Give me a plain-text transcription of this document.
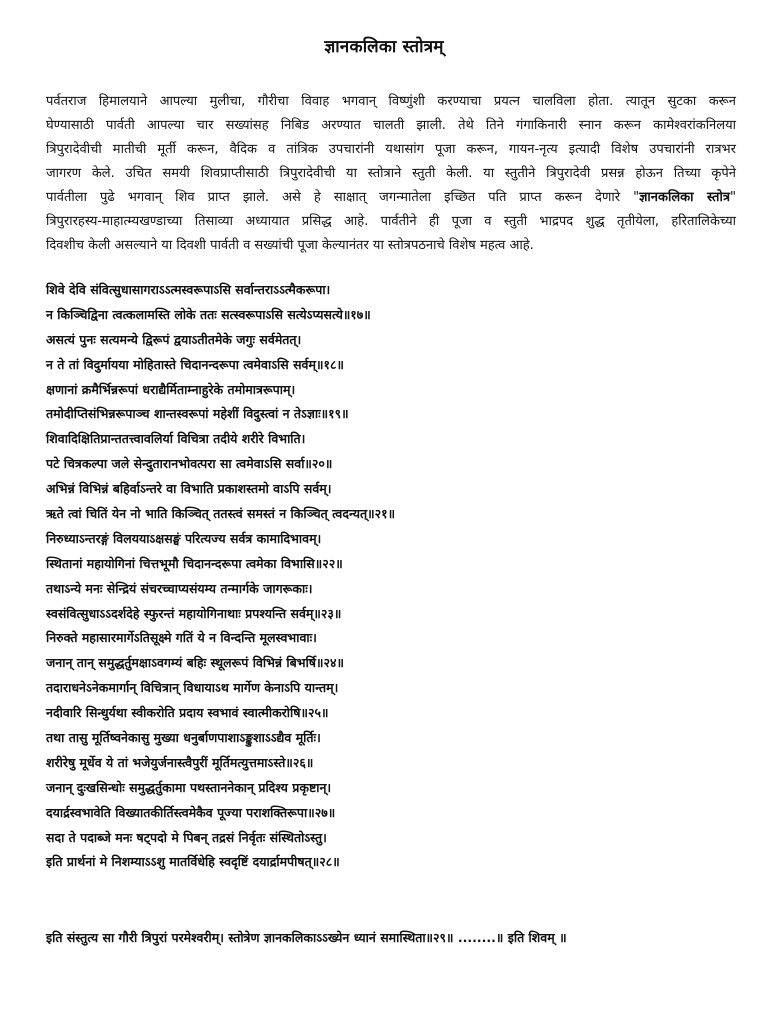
ज्ञानकलिका स्तोत्रम्
पर्वतराज हिमालयाने आपल्या मुलीचा, गौरीचा विवाह भगवान् विष्णुंशी करण्याचा प्रयत्न चालविला होता. त्यातून सुटका करून
घेण्यासाठी पार्वती आपल्या चार सख्यांसह निबिड अरण्यात चालती झाली. तेथे तिने गंगाकिनारी स्नान करून कामेश्वरांकनिलया
त्रिपुरादेवीची मातीची मूर्ती करून, वैदिक व तांत्रिक उपचारांनी यथासांग पूजा करून, गायन-नृत्य इत्यादी विशेष उपचारांनी रात्रभर
जागरण केले. उचित समयी शिवप्राप्तीसाठी त्रिपुरादेवीची या स्तोत्राने स्तुती केली. या स्तुतीने त्रिपुरादेवी प्रसन्न होऊन तिच्या कृपेने
पार्वतीला पुढे भगवान् शिव प्राप्त झाले. असे हे साक्षात् जगन्मातेला इच्छित पति प्राप्त करून देणारे "ज्ञानकलिका स्तोत्र"
त्रिपुरारहस्य-माहात्म्यखण्डाच्या तिसाव्या अध्यायात प्रसिद्ध आहे. पार्वतीने ही पूजा व स्तुती भाद्रपद शुद्ध तृतीयेला, हरितालिकेच्या
दिवशीच केली असल्याने या दिवशी पार्वती व सख्यांची पूजा केल्यानंतर या स्तोत्रपठनाचे विशेष महत्व आहे.
शिवे देवि संवित्सुधासागराऽऽत्मस्वरूपाऽसि सर्वान्तराऽऽत्मैकरूपा।
न किञ्चिद्विना त्वत्कलामस्ति लोके ततः सत्स्वरूपाऽसि सत्येऽप्यसत्ये॥१७॥
असत्यं पुनः सत्यमन्ये द्विरूपं द्वयाऽतीतमेके जगुः सर्वमेतत्।
न ते तां विदुर्मायया मोहितास्ते चिदानन्दरूपा त्वमेवाऽसि सर्वम्॥१८॥
क्षणानां क्रमैर्भिन्नरूपां धराद्यैर्मिताम्नाहुरेके तमोमात्ररूपाम्।
तमोदीप्तिसंभिन्नरूपाञ्च शान्तस्वरूपां महेशीं विदुस्त्वां न तेऽज्ञाः॥१९॥
शिवादिक्षितिप्रान्ततत्त्वावलिर्या विचित्रा तदीये शरीरे विभाति।
पटे चित्रकल्पा जले सेन्दुतारानभोवत्परा सा त्वमेवाऽसि सर्वा॥२०॥
अभिन्नं विभिन्नं बहिर्वाऽन्तरे वा विभाति प्रकाशस्तमो वाऽपि सर्वम्।
ऋते त्वां चितिं येन नो भाति किञ्चित् ततस्त्वं समस्तं न किञ्चित् त्वदन्यत्॥२१॥
निरुध्याऽन्तरङ्गं विलययाऽक्षसङ्घं परित्यज्य सर्वत्र कामादिभावम्।
स्थितानां महायोगिनां चित्तभूमौ चिदानन्दरूपा त्वमेका विभासि॥२२॥
तथाऽन्ये मनः सेन्द्रियं संचरच्चाप्यसंयम्य तन्मार्गके जागरूकाः।
स्वसंवित्सुधाऽऽदर्शदेहे स्फुरन्तं महायोगिनाथाः प्रपश्यन्ति सर्वम्॥२३॥
निरुक्ते महासारमार्गेऽतिसूक्ष्मे गतिं ये न विन्दन्ति मूलस्वभावाः।
जनान् तान् समुद्धर्तुमक्षाऽवगम्यं बहिः स्थूलरूपं विभिन्नं बिभर्षि॥२४॥
तदाराधनेऽनेकमार्गान् विचित्रान् विधायाऽथ मार्गेण केनाऽपि यान्तम्।
नदीवारि सिन्धुर्यथा स्वीकरोति प्रदाय स्वभावं स्वात्मीकरोषि॥२५॥
तथा तासु मूर्तिष्वनेकासु मुख्या धनुर्बाणपाशाऽङ्कुशाऽऽद्यैव मूर्तिः।
शरीरेषु मूर्धेव ये तां भजेयुर्जनास्त्वैपुरीं मूर्तिमत्युत्तमाऽस्ते॥२६॥
जनान् दुःखसिन्धोः समुद्धर्तुकामा पथस्ताननेकान् प्रदिश्य प्रकृष्टान्।
दयार्द्रस्वभावेति विख्यातकीर्तिस्त्वमेकैव पूज्या पराशक्तिरूपा॥२७॥
सदा ते पदाब्जे मनः षट्पदो मे पिबन् तद्रसं निर्वृतः संस्थितोऽस्तु।
इति प्रार्थनां मे निशम्याऽऽशु मातर्विधेहि स्वदृष्टिं दयार्द्रामपीषत्॥२८॥
इति संस्तुत्य सा गौरी त्रिपुरां परमेश्वरीम्। स्तोत्रेण ज्ञानकलिकाऽऽख्येन ध्यानं समास्थिता॥२९॥ ........॥ इति शिवम् ॥
